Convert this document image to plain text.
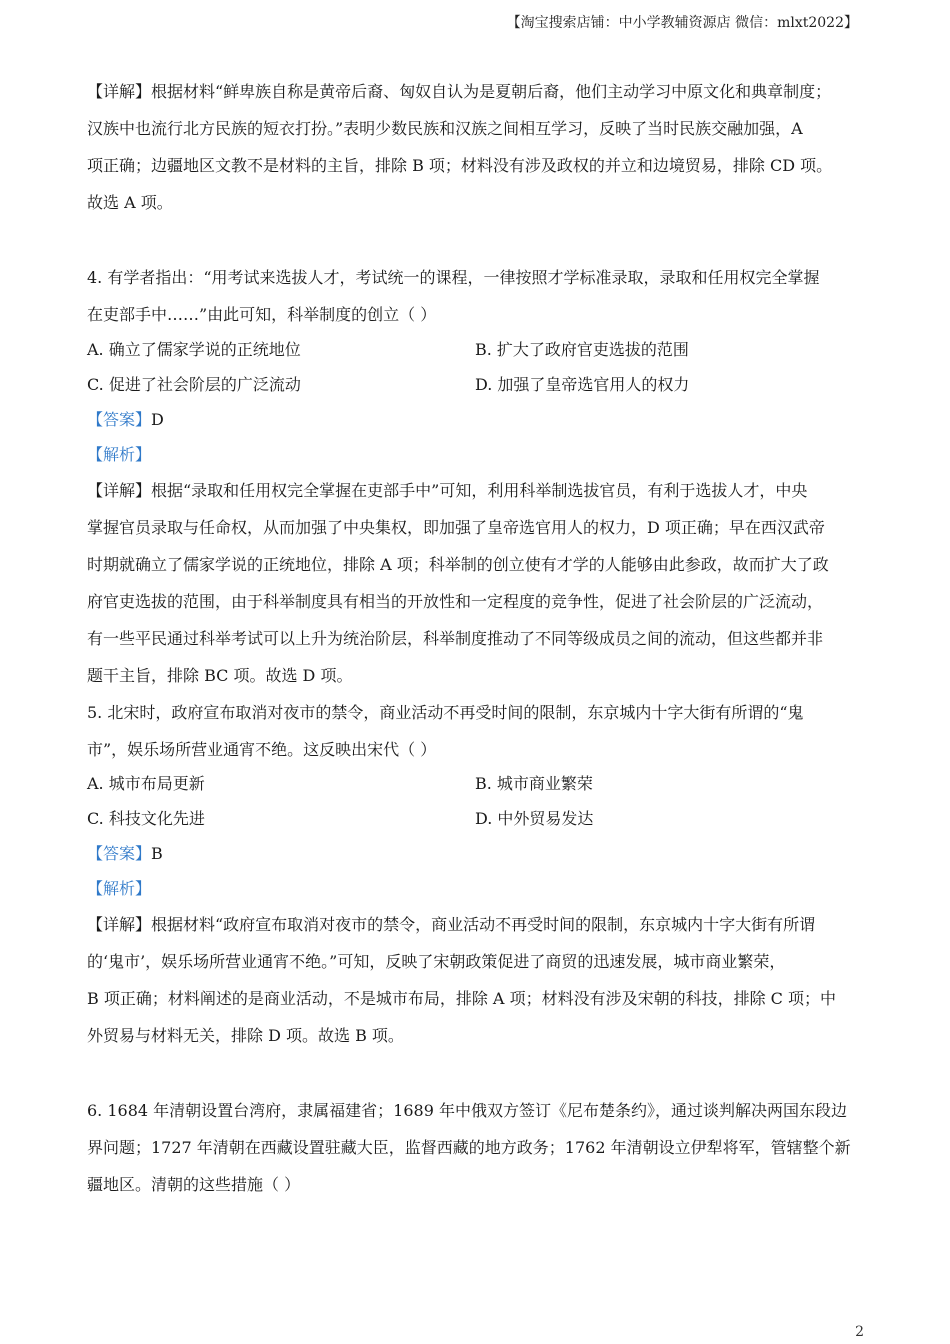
【淘宝搜索店铺：中小学教辅资源店 微信：mlxt2022】

【详解】根据材料“鲜卑族自称是黄帝后裔、匈奴自认为是夏朝后裔，他们主动学习中原文化和典章制度；

汉族中也流行北方民族的短衣打扮。”表明少数民族和汉族之间相互学习，反映了当时民族交融加强，A

项正确；边疆地区文教不是材料的主旨，排除 B 项；材料没有涉及政权的并立和边境贸易，排除 CD 项。

故选 A 项。

4. 有学者指出：“用考试来选拔人才，考试统一的课程，一律按照才学标准录取，录取和任用权完全掌握

在吏部手中……”由此可知，科举制度的创立（ ）

A. 确立了儒家学说的正统地位	B. 扩大了政府官吏选拔的范围
C. 促进了社会阶层的广泛流动	D. 加强了皇帝选官用人的权力
【答案】D
【解析】

【详解】根据“录取和任用权完全掌握在吏部手中”可知，利用科举制选拔官员，有利于选拔人才，中央

掌握官员录取与任命权，从而加强了中央集权，即加强了皇帝选官用人的权力，D 项正确；早在西汉武帝

时期就确立了儒家学说的正统地位，排除 A 项；科举制的创立使有才学的人能够由此参政，故而扩大了政

府官吏选拔的范围，由于科举制度具有相当的开放性和一定程度的竞争性，促进了社会阶层的广泛流动，

有一些平民通过科举考试可以上升为统治阶层，科举制度推动了不同等级成员之间的流动，但这些都并非

题干主旨，排除 BC 项。故选 D 项。

5. 北宋时，政府宣布取消对夜市的禁令，商业活动不再受时间的限制，东京城内十字大街有所谓的“鬼

市”，娱乐场所营业通宵不绝。这反映出宋代（ ）

A. 城市布局更新	B. 城市商业繁荣
C. 科技文化先进	D. 中外贸易发达
【答案】B
【解析】

【详解】根据材料“政府宣布取消对夜市的禁令，商业活动不再受时间的限制，东京城内十字大街有所谓

的‘鬼市’，娱乐场所营业通宵不绝。”可知，反映了宋朝政策促进了商贸的迅速发展，城市商业繁荣，

B 项正确；材料阐述的是商业活动，不是城市布局，排除 A 项；材料没有涉及宋朝的科技，排除 C 项；中

外贸易与材料无关，排除 D 项。故选 B 项。

6. 1684 年清朝设置台湾府，隶属福建省；1689 年中俄双方签订《尼布楚条约》，通过谈判解决两国东段边

界问题；1727 年清朝在西藏设置驻藏大臣，监督西藏的地方政务；1762 年清朝设立伊犁将军，管辖整个新

疆地区。清朝的这些措施（ ）

2
